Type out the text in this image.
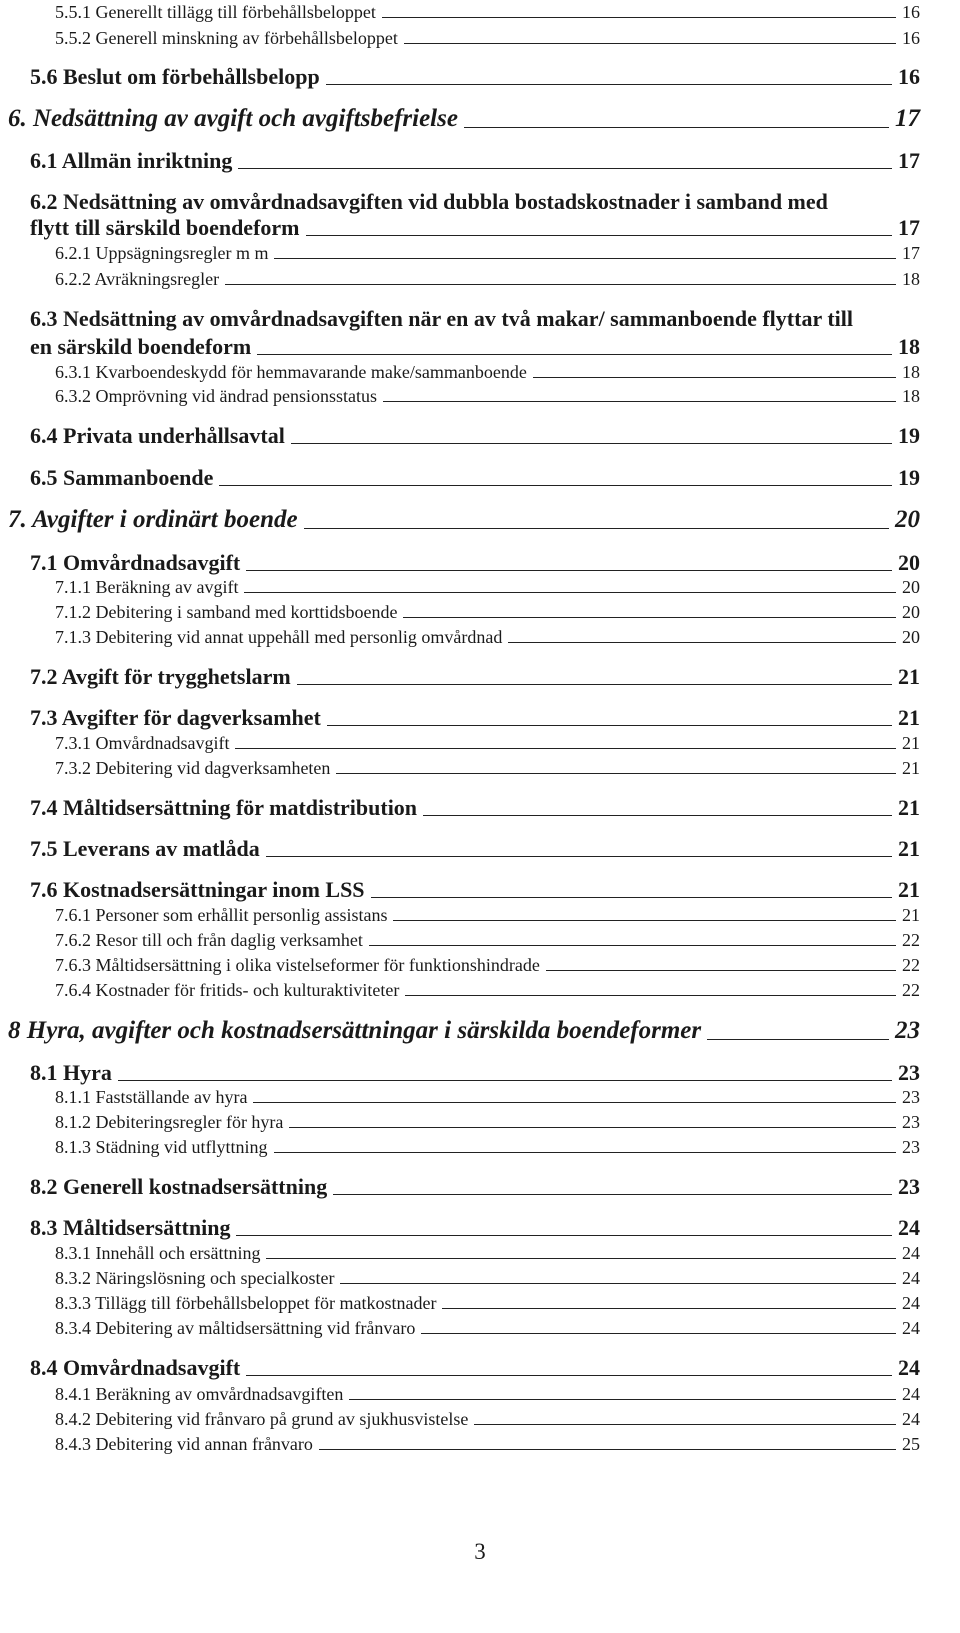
5.5.1 Generellt tillägg till förbehållsbeloppet	16
5.5.2 Generell minskning av förbehållsbeloppet	16
5.6 Beslut om förbehållsbelopp	16
6. Nedsättning av avgift och avgiftsbefrielse	17
6.1 Allmän inriktning	17
6.2 Nedsättning av omvårdnadsavgiften vid dubbla bostadskostnader i samband med
flytt till särskild boendeform	17
6.2.1 Uppsägningsregler m m	17
6.2.2 Avräkningsregler	18
6.3 Nedsättning av omvårdnadsavgiften när en av två makar/ sammanboende flyttar till
en särskild boendeform	18
6.3.1 Kvarboendeskydd för hemmavarande make/sammanboende	18
6.3.2 Omprövning vid ändrad pensionsstatus	18
6.4 Privata underhållsavtal	19
6.5 Sammanboende	19
7. Avgifter i ordinärt boende	20
7.1 Omvårdnadsavgift	20
7.1.1 Beräkning av avgift	20
7.1.2 Debitering i samband med korttidsboende	20
7.1.3 Debitering vid annat uppehåll med personlig omvårdnad	20
7.2 Avgift för trygghetslarm	21
7.3 Avgifter för dagverksamhet	21
7.3.1 Omvårdnadsavgift	21
7.3.2 Debitering vid dagverksamheten	21
7.4 Måltidsersättning för matdistribution	21
7.5 Leverans av matlåda	21
7.6 Kostnadsersättningar inom LSS	21
7.6.1 Personer som erhållit personlig assistans	21
7.6.2 Resor till och från daglig verksamhet	22
7.6.3 Måltidsersättning i olika vistelseformer för funktionshindrade	22
7.6.4 Kostnader för fritids- och kulturaktiviteter	22
8 Hyra, avgifter och kostnadsersättningar i särskilda boendeformer	23
8.1 Hyra	23
8.1.1 Fastställande av hyra	23
8.1.2 Debiteringsregler för hyra	23
8.1.3 Städning vid utflyttning	23
8.2 Generell kostnadsersättning	23
8.3 Måltidsersättning	24
8.3.1 Innehåll och ersättning	24
8.3.2 Näringslösning och specialkoster	24
8.3.3 Tillägg till förbehållsbeloppet för matkostnader	24
8.3.4 Debitering av måltidsersättning vid frånvaro	24
8.4 Omvårdnadsavgift	24
8.4.1 Beräkning av omvårdnadsavgiften	24
8.4.2 Debitering vid frånvaro på grund av sjukhusvistelse	24
8.4.3 Debitering vid annan frånvaro	25
3
